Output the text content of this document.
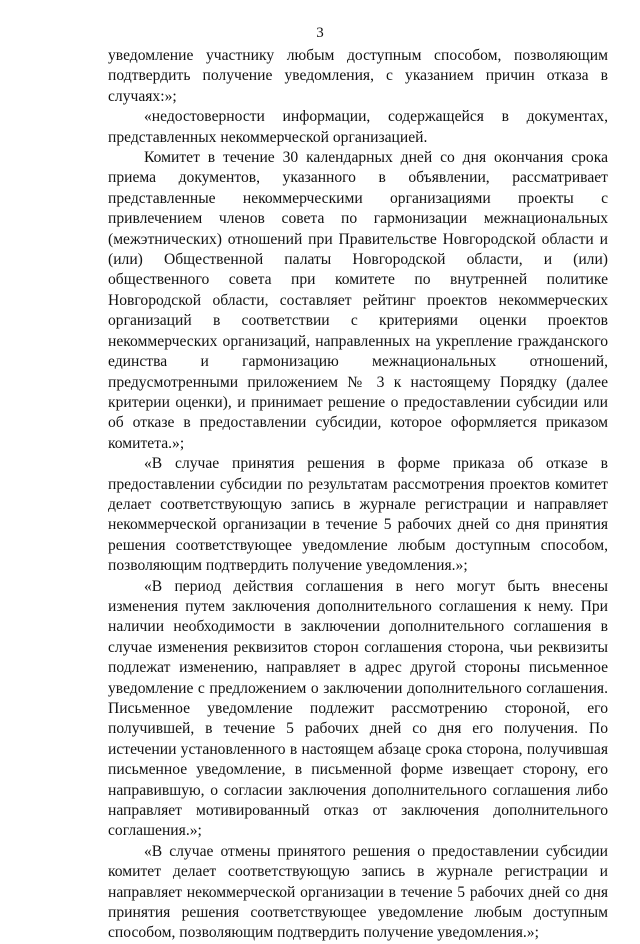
3

уведомление участнику любым доступным способом, позволяющим подтвердить получение уведомления, с указанием причин отказа в случаях:»;

«недостоверности информации, содержащейся в документах, представленных некоммерческой организацией.

Комитет в течение 30 календарных дней со дня окончания срока приема документов, указанного в объявлении, рассматривает представленные некоммерческими организациями проекты с привлечением членов совета по гармонизации межнациональных (межэтнических) отношений при Правительстве Новгородской области и (или) Общественной палаты Новгородской области, и (или) общественного совета при комитете по внутренней политике Новгородской области, составляет рейтинг проектов некоммерческих организаций в соответствии с критериями оценки проектов некоммерческих организаций, направленных на укрепление гражданского единства и гармонизацию межнациональных отношений, предусмотренными приложением № 3 к настоящему Порядку (далее критерии оценки), и принимает решение о предоставлении субсидии или об отказе в предоставлении субсидии, которое оформляется приказом комитета.»;

«В случае принятия решения в форме приказа об отказе в предоставлении субсидии по результатам рассмотрения проектов комитет делает соответствующую запись в журнале регистрации и направляет некоммерческой организации в течение 5 рабочих дней со дня принятия решения соответствующее уведомление любым доступным способом, позволяющим подтвердить получение уведомления.»;

«В период действия соглашения в него могут быть внесены изменения путем заключения дополнительного соглашения к нему. При наличии необходимости в заключении дополнительного соглашения в случае изменения реквизитов сторон соглашения сторона, чьи реквизиты подлежат изменению, направляет в адрес другой стороны письменное уведомление с предложением о заключении дополнительного соглашения. Письменное уведомление подлежит рассмотрению стороной, его получившей, в течение 5 рабочих дней со дня его получения. По истечении установленного в настоящем абзаце срока сторона, получившая письменное уведомление, в письменной форме извещает сторону, его направившую, о согласии заключения дополнительного соглашения либо направляет мотивированный отказ от заключения дополнительного соглашения.»;

«В случае отмены принятого решения о предоставлении субсидии комитет делает соответствующую запись в журнале регистрации и направляет некоммерческой организации в течение 5 рабочих дней со дня принятия решения соответствующее уведомление любым доступным способом, позволяющим подтвердить получение уведомления.»;
